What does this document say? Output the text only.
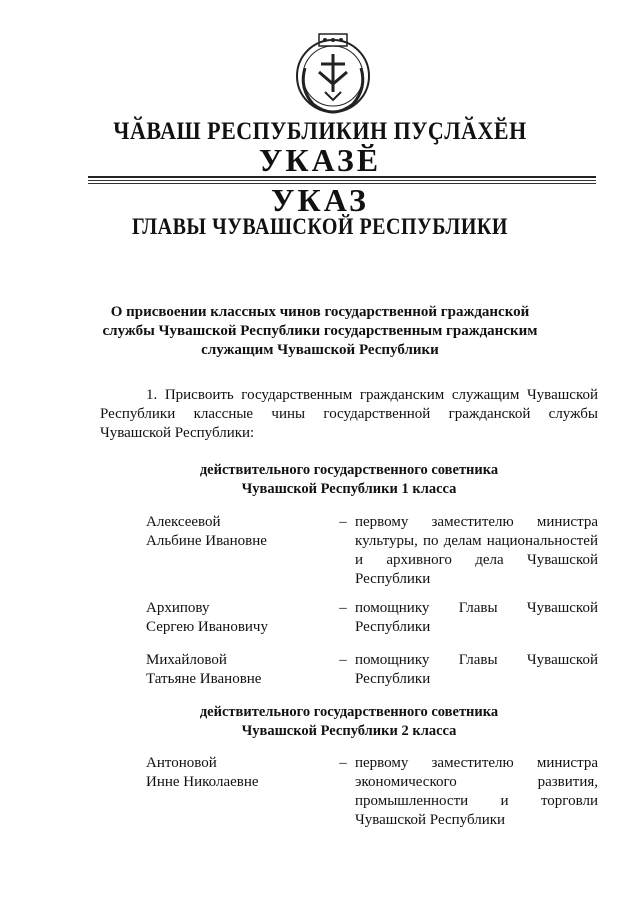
ЧӐВАШ РЕСПУБЛИКИН ПУҪЛӐХӖН
УКАЗӖ
УКАЗ
ГЛАВЫ ЧУВАШСКОЙ РЕСПУБЛИКИ
О присвоении классных чинов государственной гражданской
службы Чувашской Республики государственным гражданским
служащим Чувашской Республики
1. Присвоить государственным гражданским служащим Чувашской Республики классные чины государственной гражданской службы Чувашской Республики:
действительного государственного советника
Чувашской Республики 1 класса
Алексеевой
Альбине Ивановне
– первому заместителю министра культуры, по делам национальностей и архивного дела Чувашской Республики
Архипову
Сергею Ивановичу
– помощнику Главы Чувашской Республики
Михайловой
Татьяне Ивановне
– помощнику Главы Чувашской Республики
действительного государственного советника
Чувашской Республики 2 класса
Антоновой
Инне Николаевне
– первому заместителю министра экономического развития, промышленности и торговли Чувашской Республики
